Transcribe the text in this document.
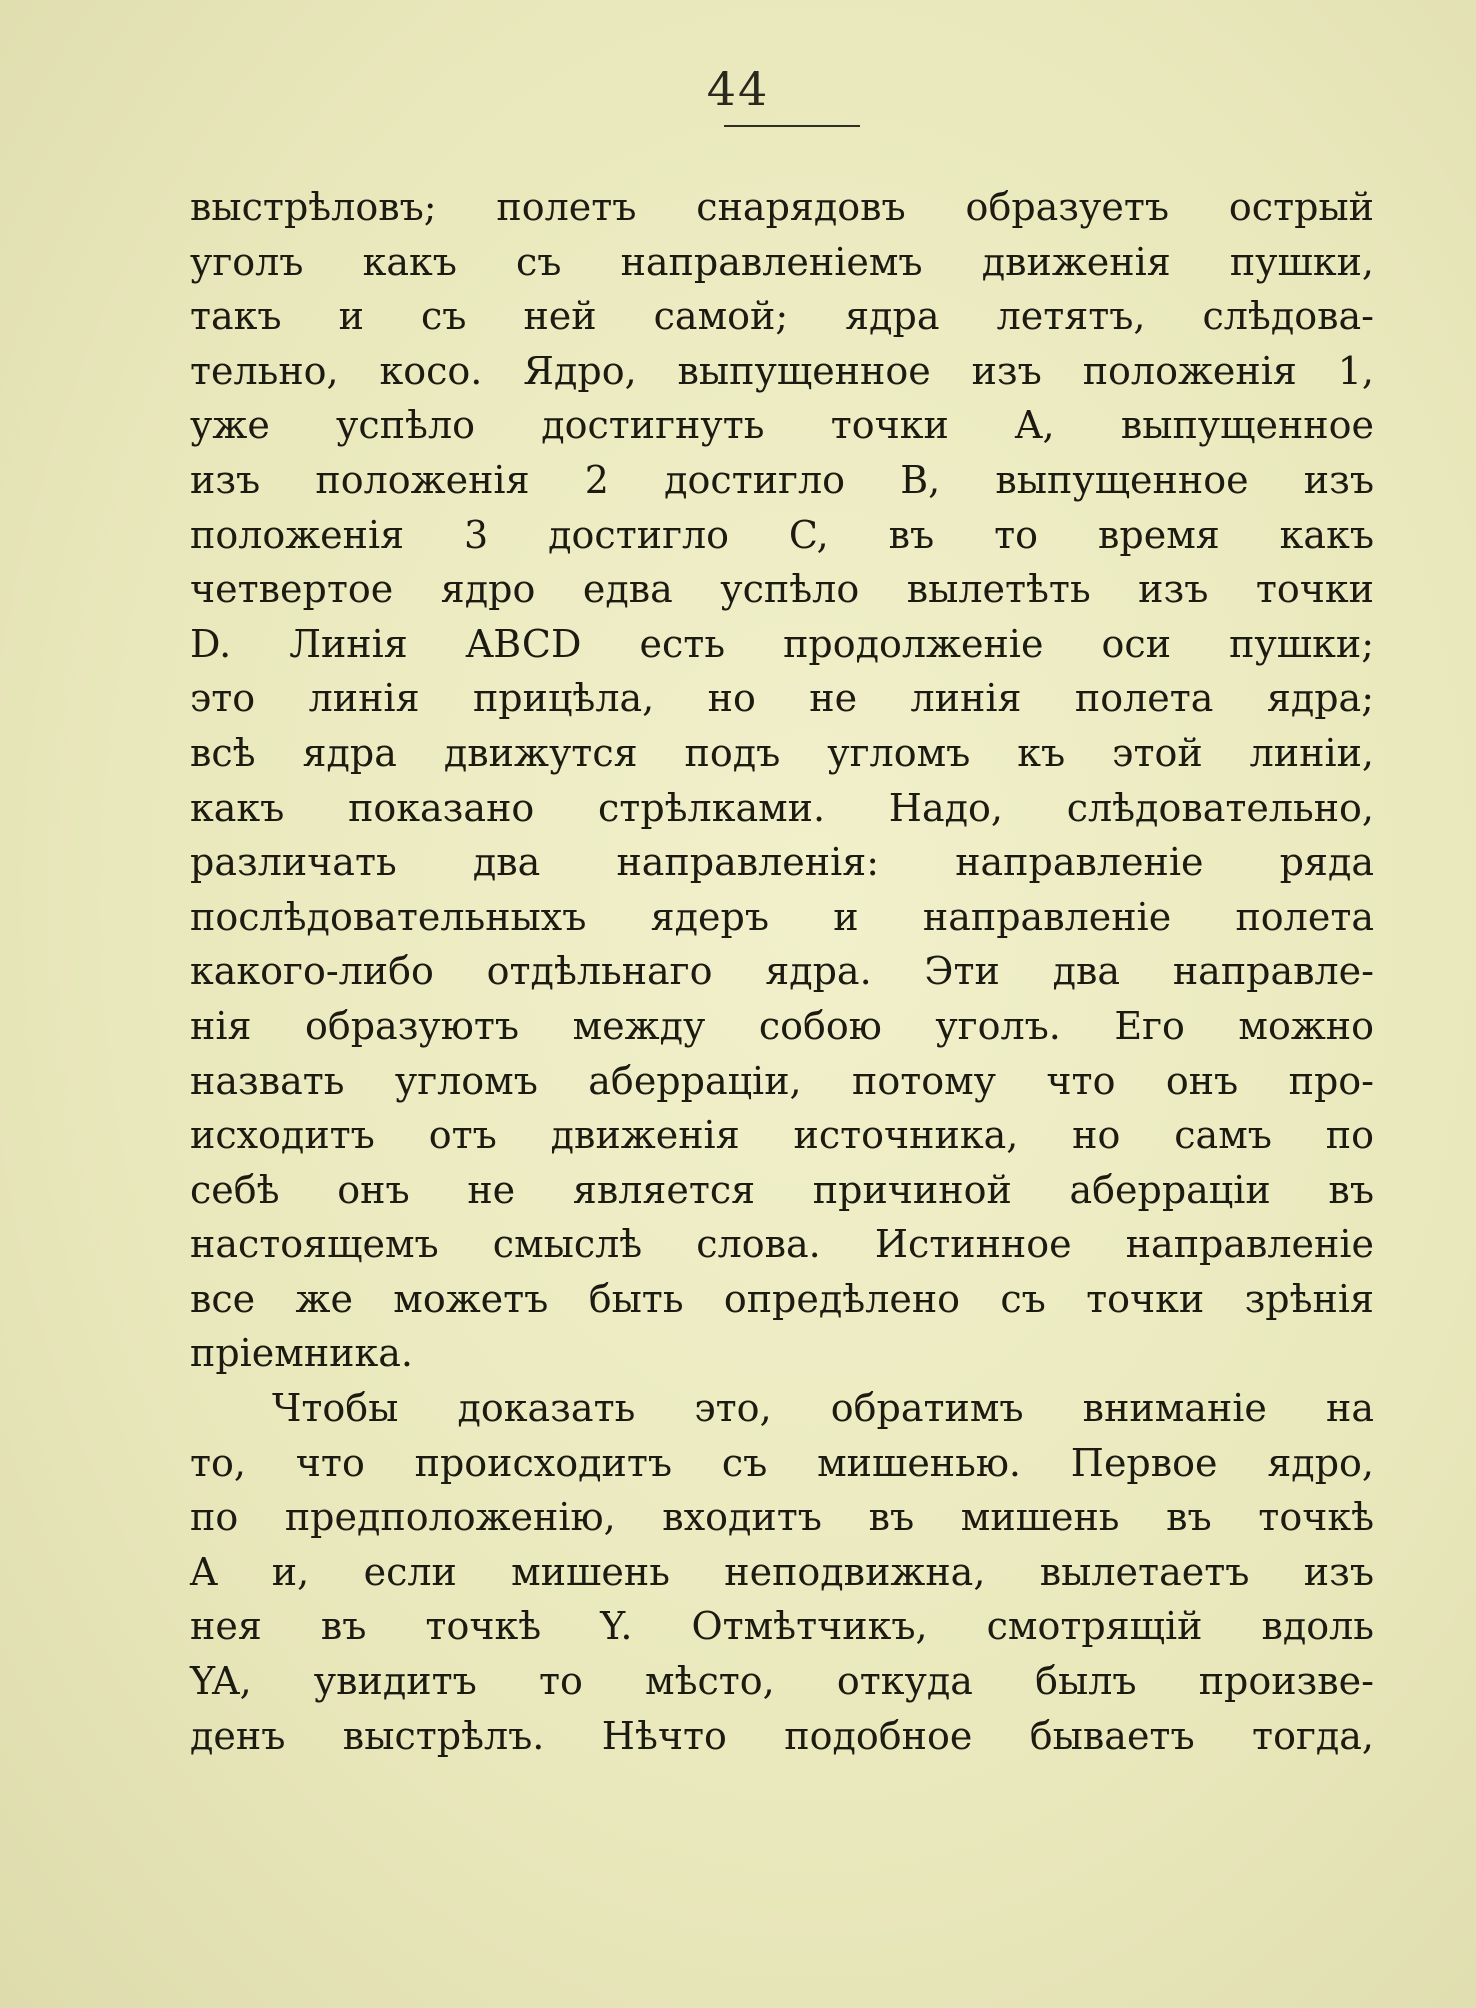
44
выстрѣловъ; полетъ снарядовъ образуетъ острый
уголъ какъ съ направленіемъ движенія пушки,
такъ и съ ней самой; ядра летятъ, слѣдова-
тельно, косо. Ядро, выпущенное изъ положенія 1,
уже успѣло достигнуть точки A, выпущенное
изъ положенія 2 достигло B, выпущенное изъ
положенія 3 достигло C, въ то время какъ
четвертое ядро едва успѣло вылетѣть изъ точки
D. Линія ABCD есть продолженіе оси пушки;
это линія прицѣла, но не линія полета ядра;
всѣ ядра движутся подъ угломъ къ этой линіи,
какъ показано стрѣлками. Надо, слѣдовательно,
различать два направленія: направленіе ряда
послѣдовательныхъ ядеръ и направленіе полета
какого-либо отдѣльнаго ядра. Эти два направле-
нія образуютъ между собою уголъ. Его можно
назвать угломъ аберраціи, потому что онъ про-
исходитъ отъ движенія источника, но самъ по
себѣ онъ не является причиной аберраціи въ
настоящемъ смыслѣ слова. Истинное направленіе
все же можетъ быть опредѣлено съ точки зрѣнія
пріемника.
Чтобы доказать это, обратимъ вниманіе на
то, что происходитъ съ мишенью. Первое ядро,
по предположенію, входитъ въ мишень въ точкѣ
A и, если мишень неподвижна, вылетаетъ изъ
нея въ точкѣ Y. Отмѣтчикъ, смотрящій вдоль
YA, увидитъ то мѣсто, откуда былъ произве-
денъ выстрѣлъ. Нѣчто подобное бываетъ тогда,
